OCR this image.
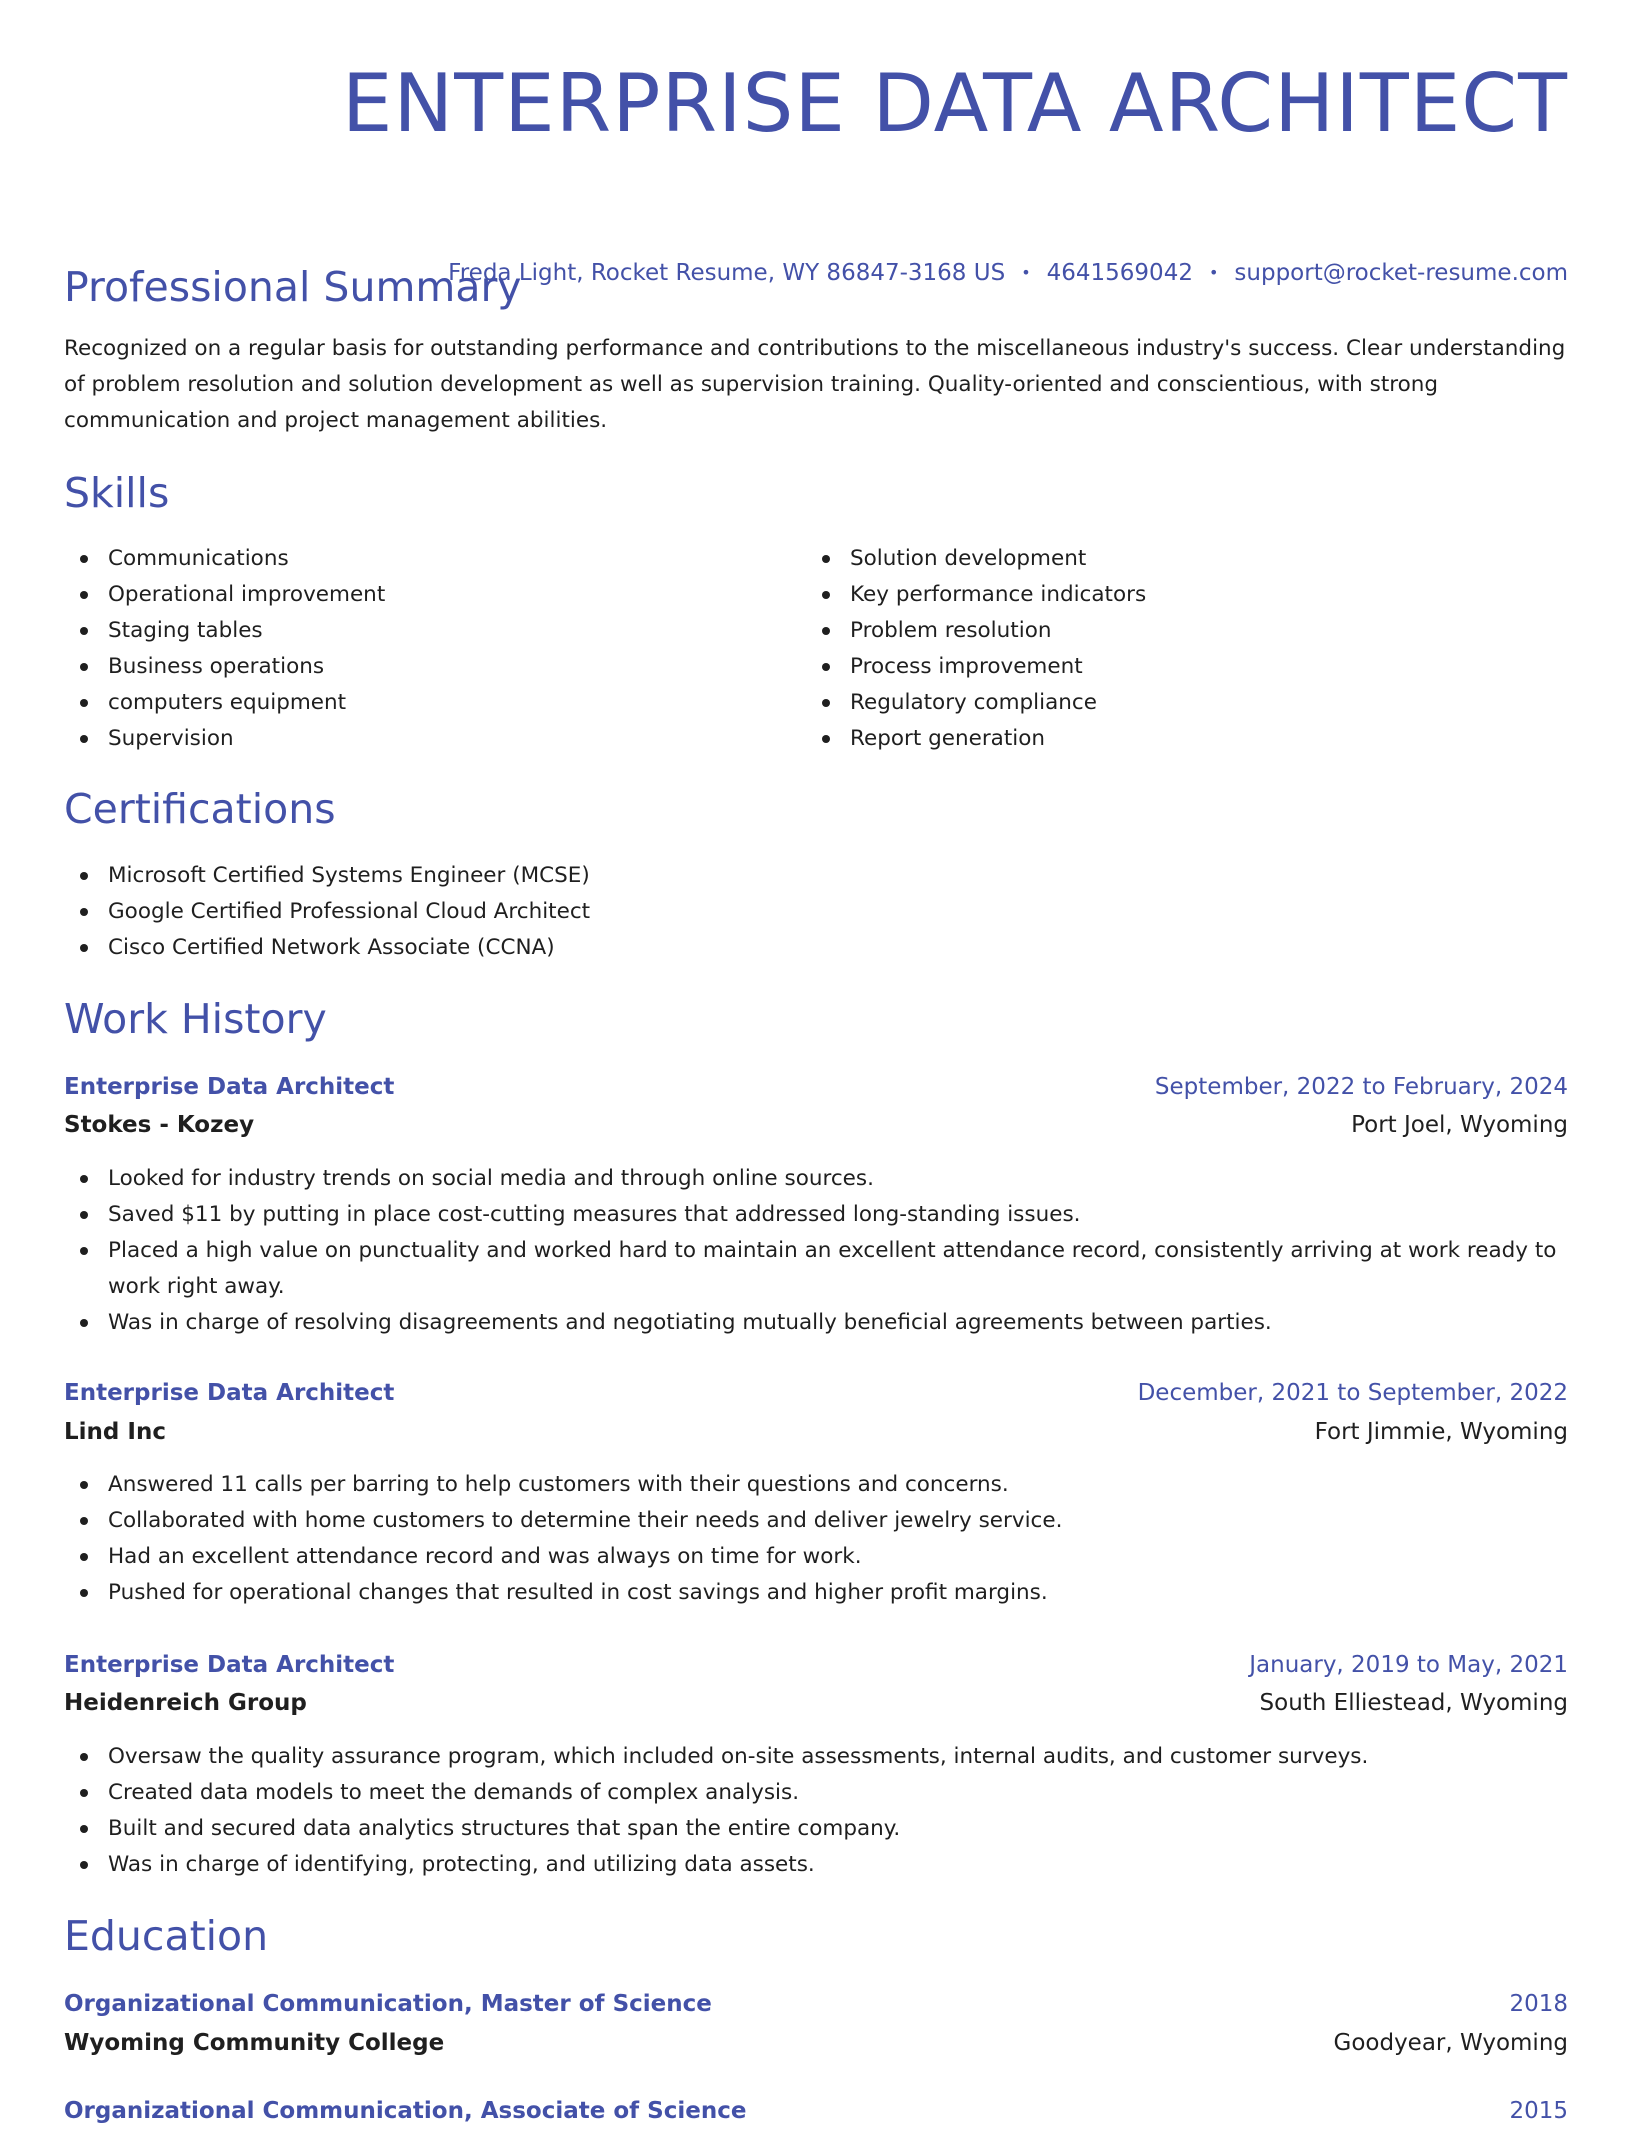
ENTERPRISE DATA ARCHITECT
Freda Light, Rocket Resume, WY 86847-3168 US • 4641569042 • support@rocket-resume.com
Professional Summary

Recognized on a regular basis for outstanding performance and contributions to the miscellaneous industry's success. Clear understanding of problem resolution and solution development as well as supervision training. Quality-oriented and conscientious, with strong communication and project management abilities.

Skills
Communications
Operational improvement
Staging tables
Business operations
computers equipment
Supervision
Solution development
Key performance indicators
Problem resolution
Process improvement
Regulatory compliance
Report generation
Certifications
Microsoft Certified Systems Engineer (MCSE)
Google Certified Professional Cloud Architect
Cisco Certified Network Associate (CCNA)
Work History
Enterprise Data Architect	September, 2022 to February, 2024
Stokes - Kozey	Port Joel, Wyoming
Looked for industry trends on social media and through online sources.
Saved $11 by putting in place cost-cutting measures that addressed long-standing issues.
Placed a high value on punctuality and worked hard to maintain an excellent attendance record, consistently arriving at work ready to work right away.
Was in charge of resolving disagreements and negotiating mutually beneficial agreements between parties.
Enterprise Data Architect	December, 2021 to September, 2022
Lind Inc	Fort Jimmie, Wyoming
Answered 11 calls per barring to help customers with their questions and concerns.
Collaborated with home customers to determine their needs and deliver jewelry service.
Had an excellent attendance record and was always on time for work.
Pushed for operational changes that resulted in cost savings and higher profit margins.
Enterprise Data Architect	January, 2019 to May, 2021
Heidenreich Group	South Elliestead, Wyoming
Oversaw the quality assurance program, which included on-site assessments, internal audits, and customer surveys.
Created data models to meet the demands of complex analysis.
Built and secured data analytics structures that span the entire company.
Was in charge of identifying, protecting, and utilizing data assets.
Education
Organizational Communication, Master of Science	2018
Wyoming Community College	Goodyear, Wyoming
Organizational Communication, Associate of Science	2015
